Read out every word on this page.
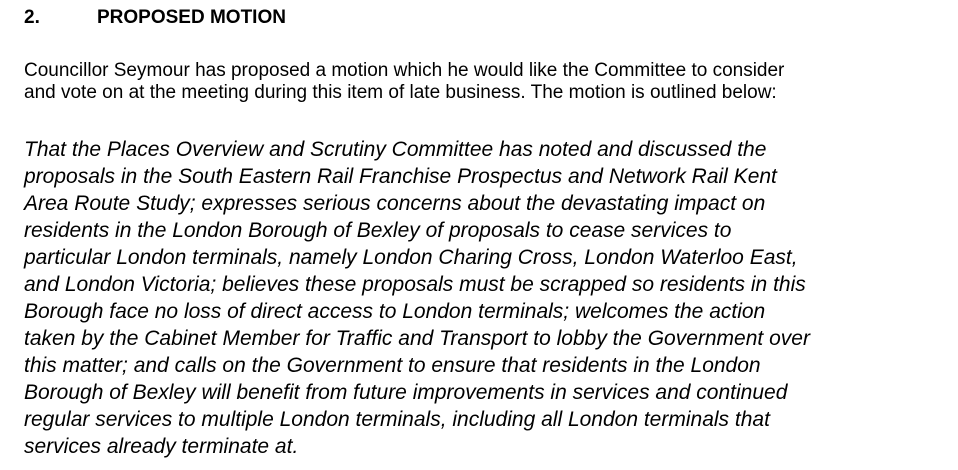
2.	PROPOSED MOTION
Councillor Seymour has proposed a motion which he would like the Committee to consider
and vote on at the meeting during this item of late business. The motion is outlined below:
That the Places Overview and Scrutiny Committee has noted and discussed the
proposals in the South Eastern Rail Franchise Prospectus and Network Rail Kent
Area Route Study; expresses serious concerns about the devastating impact on
residents in the London Borough of Bexley of proposals to cease services to
particular London terminals, namely London Charing Cross, London Waterloo East,
and London Victoria; believes these proposals must be scrapped so residents in this
Borough face no loss of direct access to London terminals; welcomes the action
taken by the Cabinet Member for Traffic and Transport to lobby the Government over
this matter; and calls on the Government to ensure that residents in the London
Borough of Bexley will benefit from future improvements in services and continued
regular services to multiple London terminals, including all London terminals that
services already terminate at.
